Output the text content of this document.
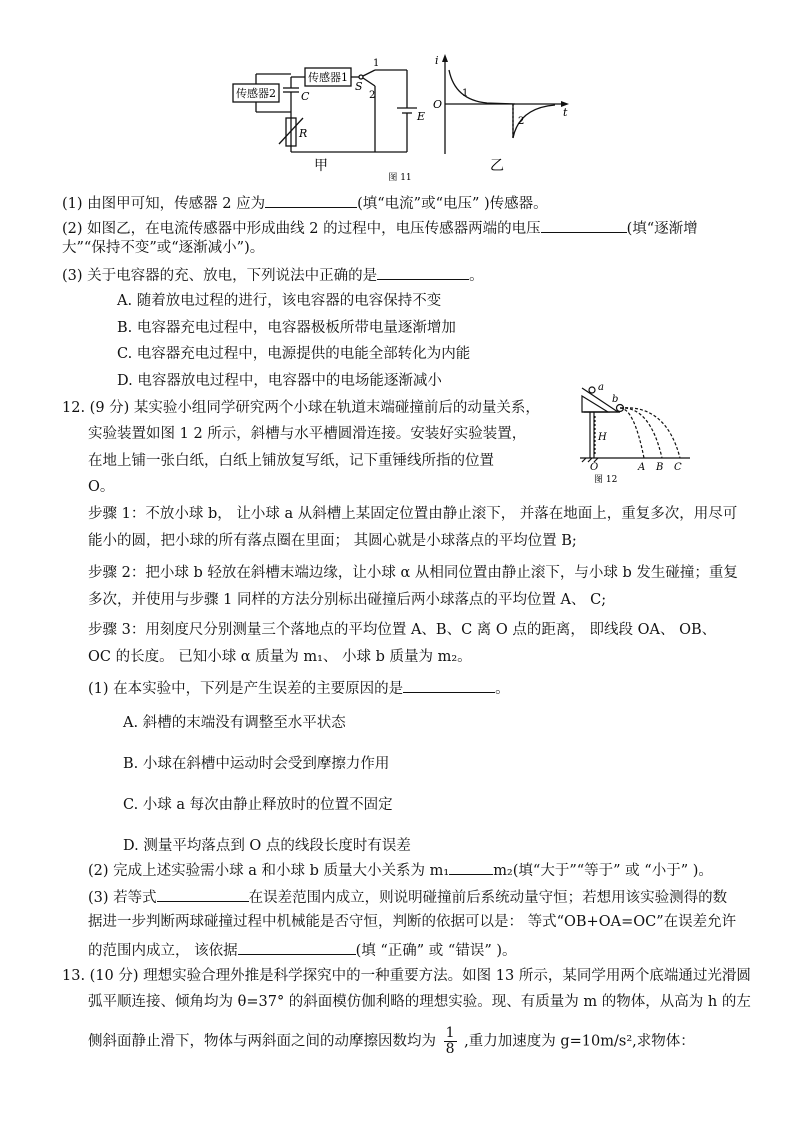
传感器1
传感器2 C
R
S
1
2
E
甲	乙
i
t
O
1
2
图 11
(1) 由图甲可知，传感器 2 应为	(填“电流”或“电压” )传感器。
(2) 如图乙，在电流传感器中形成曲线 2 的过程中，电压传感器两端的电压	(填“逐渐增
大”“保持不变”或“逐渐减小”)。
(3) 关于电容器的充、放电，下列说法中正确的是	。
A. 随着放电过程的进行，该电容器的电容保持不变
B. 电容器充电过程中，电容器极板所带电量逐渐增加
C. 电容器充电过程中，电源提供的电能全部转化为内能
D. 电容器放电过程中，电容器中的电场能逐渐减小	a
b
H
O	A B C
图 12
12. (9 分) 某实验小组同学研究两个小球在轨道末端碰撞前后的动量关系，
实验装置如图 1 2 所示，斜槽与水平槽圆滑连接。安装好实验装置，
在地上铺一张白纸，白纸上铺放复写纸，记下重锤线所指的位置
O。
步骤 1：不放小球 b， 让小球 a 从斜槽上某固定位置由静止滚下， 并落在地面上，重复多次，用尽可
能小的圆，把小球的所有落点圈在里面； 其圆心就是小球落点的平均位置 B;
步骤 2：把小球 b 轻放在斜槽末端边缘，让小球 α 从相同位置由静止滚下，与小球 b 发生碰撞；重复
多次，并使用与步骤 1 同样的方法分别标出碰撞后两小球落点的平均位置 A、 C;
步骤 3：用刻度尺分别测量三个落地点的平均位置 A、B、C 离 O 点的距离， 即线段 OA、 OB、
OC 的长度。 已知小球 α 质量为 m₁、 小球 b 质量为 m₂。
(1) 在本实验中，下列是产生误差的主要原因的是	。
A. 斜槽的末端没有调整至水平状态
B. 小球在斜槽中运动时会受到摩擦力作用
C. 小球 a 每次由静止释放时的位置不固定
D. 测量平均落点到 O 点的线段长度时有误差
(2) 完成上述实验需小球 a 和小球 b 质量大小关系为 m₁	m₂(填“大于”“等于” 或 “小于” )。
(3) 若等式	在误差范围内成立，则说明碰撞前后系统动量守恒；若想用该实验测得的数
据进一步判断两球碰撞过程中机械能是否守恒，判断的依据可以是： 等式“OB+OA=OC”在误差允许
的范围内成立， 该依据	(填 “正确” 或 “错误” )。
13. (10 分) 理想实验合理外推是科学探究中的一种重要方法。如图 13 所示，某同学用两个底端通过光滑圆
弧平顺连接、倾角均为 θ=37° 的斜面模仿伽利略的理想实验。现、有质量为 m 的物体，从高为 h 的左
侧斜面静止滑下，物体与两斜面之间的动摩擦因数均为 $\frac{1}{8}$ ,重力加速度为 g=10m/s²,求物体：
